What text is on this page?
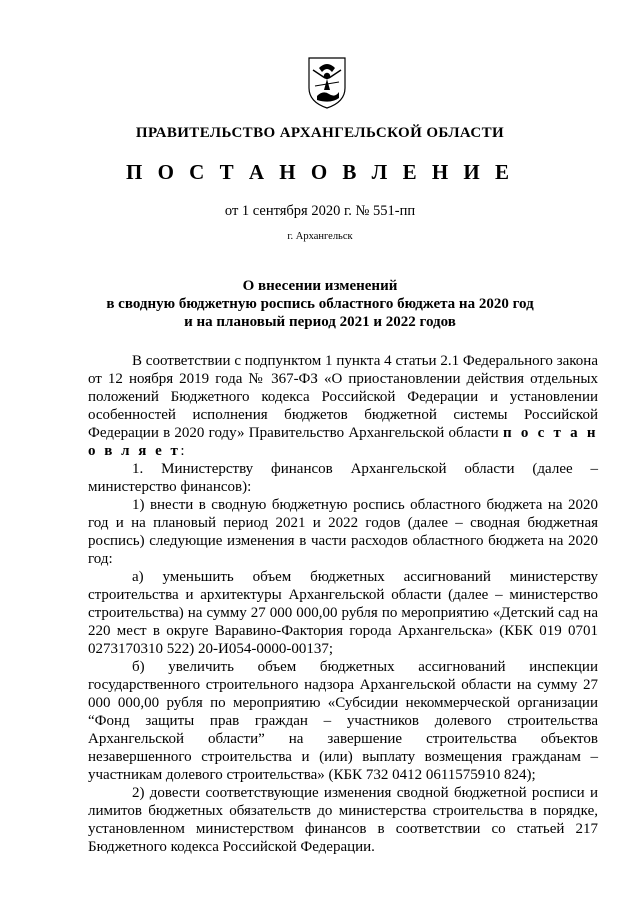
ПРАВИТЕЛЬСТВО АРХАНГЕЛЬСКОЙ ОБЛАСТИ
П О С Т А Н О В Л Е Н И Е
от 1 сентября 2020 г. № 551-пп
г. Архангельск
О внесении изменений
в сводную бюджетную роспись областного бюджета на 2020 год
и на плановый период 2021 и 2022 годов

В соответствии с подпунктом 1 пункта 4 статьи 2.1 Федерального закона от 12 ноября 2019 года № 367-ФЗ «О приостановлении действия отдельных положений Бюджетного кодекса Российской Федерации и установлении особенностей исполнения бюджетов бюджетной системы Российской Федерации в 2020 году» Правительство Архангельской области п о с т а н о в л я е т:

1. Министерству финансов Архангельской области (далее – министерство финансов):

1) внести в сводную бюджетную роспись областного бюджета на 2020 год и на плановый период 2021 и 2022 годов (далее – сводная бюджетная роспись) следующие изменения в части расходов областного бюджета на 2020 год:

а) уменьшить объем бюджетных ассигнований министерству строительства и архитектуры Архангельской области (далее – министерство строительства) на сумму 27 000 000,00 рубля по мероприятию «Детский сад на 220 мест в округе Варавино-Фактория города Архангельска» (КБК 019 0701 0273170310 522) 20-И054-0000-00137;

б) увеличить объем бюджетных ассигнований инспекции государственного строительного надзора Архангельской области на сумму 27 000 000,00 рубля по мероприятию «Субсидии некоммерческой организации “Фонд защиты прав граждан – участников долевого строительства Архангельской области” на завершение строительства объектов незавершенного строительства и (или) выплату возмещения гражданам – участникам долевого строительства» (КБК 732 0412 0611575910 824);

2) довести соответствующие изменения сводной бюджетной росписи и лимитов бюджетных обязательств до министерства строительства в порядке, установленном министерством финансов в соответствии со статьей 217 Бюджетного кодекса Российской Федерации.
